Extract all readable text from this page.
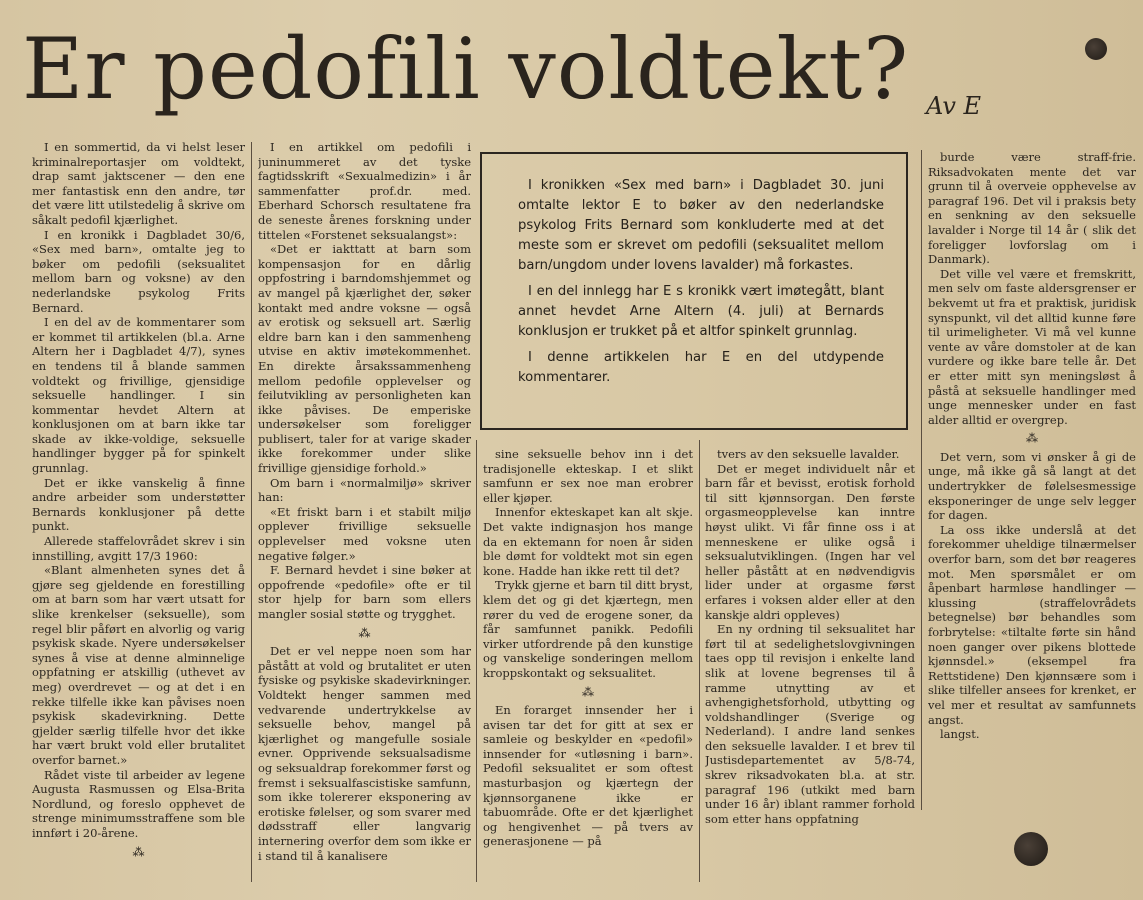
Er pedofili voldtekt? Av E

I en sommertid, da vi helst leser kriminalreportasjer om voldtekt, drap samt jaktscener — den ene mer fantastisk enn den andre, tør det være litt utilstedelig å skrive om såkalt pedofil kjærlighet.

I en kronikk i Dagbladet 30/6, «Sex med barn», omtalte jeg to bøker om pedofili (seksualitet mellom barn og voksne) av den nederlandske psykolog Frits Bernard.

I en del av de kommentarer som er kommet til artikkelen (bl.a. Arne Altern her i Dagbladet 4/7), synes en tendens til å blande sammen voldtekt og frivillige, gjensidige seksuelle handlinger. I sin kommentar hevdet Altern at konklusjonen om at barn ikke tar skade av ikke-voldige, seksuelle handlinger bygger på for spinkelt grunnlag.

Det er ikke vanskelig å finne andre arbeider som understøtter Bernards konklusjoner på dette punkt.

Allerede staffelovrådet skrev i sin innstilling, avgitt 17/3 1960:

«Blant almenheten synes det å gjøre seg gjeldende en forestilling om at barn som har vært utsatt for slike krenkelser (seksuelle), som regel blir påført en alvorlig og varig psykisk skade. Nyere undersøkelser synes å vise at denne alminnelige oppfatning er atskillig (uthevet av meg) overdrevet — og at det i en rekke tilfelle ikke kan påvises noen psykisk skadevirkning. Dette gjelder særlig tilfelle hvor det ikke har vært brukt vold eller brutalitet overfor barnet.»

Rådet viste til arbeider av legene Augusta Rasmussen og Elsa-Brita Nordlund, og foreslo opphevet de strenge minimumsstraffene som ble innført i 20-årene.

⁂

I en artikkel om pedofili i juninummeret av det tyske fagtidsskrift «Sexualmedizin» i år sammenfatter prof.dr. med. Eberhard Schorsch resultatene fra de seneste årenes forskning under tittelen «Forstenet seksualangst»:

«Det er iakttatt at barn som kompensasjon for en dårlig oppfostring i barndomshjemmet og av mangel på kjærlighet der, søker kontakt med andre voksne — også av erotisk og seksuell art. Særlig eldre barn kan i den sammenheng utvise en aktiv imøtekommenhet. En direkte årsakssammenheng mellom pedofile opplevelser og feilutvikling av personligheten kan ikke påvises. De emperiske undersøkelser som foreligger publisert, taler for at varige skader ikke forekommer under slike frivillige gjensidige forhold.»

Om barn i «normalmiljø» skriver han:

«Et friskt barn i et stabilt miljø opplever frivillige seksuelle opplevelser med voksne uten negative følger.»

F. Bernard hevdet i sine bøker at oppofrende «pedofile» ofte er til stor hjelp for barn som ellers mangler sosial støtte og trygghet.

⁂

Det er vel neppe noen som har påstått at vold og brutalitet er uten fysiske og psykiske skadevirkninger. Voldtekt henger sammen med vedvarende undertrykkelse av seksuelle behov, mangel på kjærlighet og mangefulle sosiale evner. Opprivende seksualsadisme og seksualdrap forekommer først og fremst i seksualfascistiske samfunn, som ikke tolererer eksponering av erotiske følelser, og som svarer med dødsstraff eller langvarig internering overfor dem som ikke er i stand til å kanalisere

I kronikken «Sex med barn» i Dagbladet 30. juni omtalte lektor E to bøker av den nederlandske psykolog Frits Bernard som konkluderte med at det meste som er skrevet om pedofili (seksualitet mellom barn/ungdom under lovens lavalder) må forkastes.

I en del innlegg har E s kronikk vært imøtegått, blant annet hevdet Arne Altern (4. juli) at Bernards konklusjon er trukket på et altfor spinkelt grunnlag.

I denne artikkelen har E en del utdypende kommentarer.

sine seksuelle behov inn i det tradisjonelle ekteskap. I et slikt samfunn er sex noe man erobrer eller kjøper.

Innenfor ekteskapet kan alt skje. Det vakte indignasjon hos mange da en ektemann for noen år siden ble dømt for voldtekt mot sin egen kone. Hadde han ikke rett til det?

Trykk gjerne et barn til ditt bryst, klem det og gi det kjærtegn, men rører du ved de erogene soner, da får samfunnet panikk. Pedofili virker utfordrende på den kunstige og vanskelige sonderingen mellom kroppskontakt og seksualitet.

⁂

En forarget innsender her i avisen tar det for gitt at sex er samleie og beskylder en «pedofil» innsender for «utløsning i barn». Pedofil seksualitet er som oftest masturbasjon og kjærtegn der kjønnsorganene ikke er tabuområde. Ofte er det kjærlighet og hengivenhet — på tvers av generasjonene — på

tvers av den seksuelle lavalder.

Det er meget individuelt når et barn får et bevisst, erotisk forhold til sitt kjønnsorgan. Den første orgasmeopplevelse kan inntre høyst ulikt. Vi får finne oss i at menneskene er ulike også i seksualutviklingen. (Ingen har vel heller påstått at en nødvendigvis lider under at orgasme først erfares i voksen alder eller at den kanskje aldri oppleves)

En ny ordning til seksualitet har ført til at sedelighetslovgivningen taes opp til revisjon i enkelte land slik at lovene begrenses til å ramme utnytting av et avhengighetsforhold, utbytting og voldshandlinger (Sverige og Nederland). I andre land senkes den seksuelle lavalder. I et brev til Justisdepartementet av 5/8-74, skrev riksadvokaten bl.a. at str. paragraf 196 (utkikt med barn under 16 år) iblant rammer forhold som etter hans oppfatning

burde være straff-frie. Riksadvokaten mente det var grunn til å overveie opphevelse av paragraf 196. Det vil i praksis bety en senkning av den seksuelle lavalder i Norge til 14 år ( slik det foreligger lovforslag om i Danmark).

Det ville vel være et fremskritt, men selv om faste aldersgrenser er bekvemt ut fra et praktisk, juridisk synspunkt, vil det alltid kunne føre til urimeligheter. Vi må vel kunne vente av våre domstoler at de kan vurdere og ikke bare telle år. Det er etter mitt syn meningsløst å påstå at seksuelle handlinger med unge mennesker under en fast alder alltid er overgrep.

⁂

Det vern, som vi ønsker å gi de unge, må ikke gå så langt at det undertrykker de følelsesmessige eksponeringer de unge selv legger for dagen.

La oss ikke underslå at det forekommer uheldige tilnærmelser overfor barn, som det bør reageres mot. Men spørsmålet er om åpenbart harmløse handlinger — klussing (straffelovrådets betegnelse) bør behandles som forbrytelse: «tiltalte førte sin hånd noen ganger over pikens blottede kjønnsdel.» (eksempel fra Rettstidene) Den kjønnsære som i slike tilfeller ansees for krenket, er vel mer et resultat av samfunnets angst.

langst.
